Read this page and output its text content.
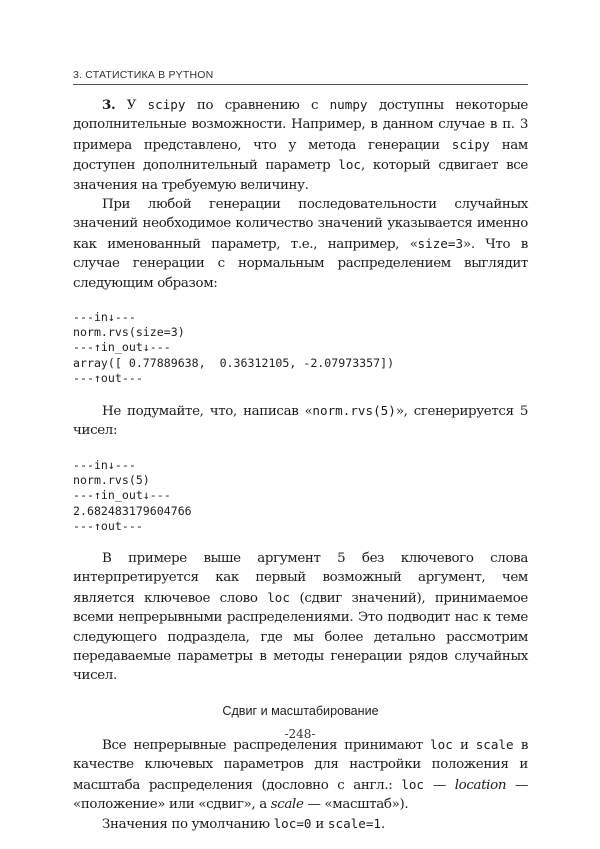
3. СТАТИСТИКА В PYTHON

3. У scipy по сравнению с numpy доступны некоторые дополнительные возможности. Например, в данном случае в п. 3 примера представлено, что у метода генерации scipy нам доступен дополнительный параметр loc, который сдвигает все значения на требуемую величину.

При любой генерации последовательности случайных значений необходимое количество значений указывается именно как именованный параметр, т.е., например, «size=3». Что в случае генерации с нормальным распределением выглядит следующим образом:

---in↓---
norm.rvs(size=3)
---↑in_out↓---
array([ 0.77889638,  0.36312105, -2.07973357])
---↑out---

Не подумайте, что, написав «norm.rvs(5)», сгенерируется 5 чисел:

---in↓---
norm.rvs(5)
---↑in_out↓---
2.682483179604766
---↑out---

В примере выше аргумент 5 без ключевого слова интерпретируется как первый возможный аргумент, чем является ключевое слово loc (сдвиг значений), принимаемое всеми непрерывными распределениями. Это подводит нас к теме следующего подраздела, где мы более детально рассмотрим передаваемые параметры в методы генерации рядов случайных чисел.

Сдвиг и масштабирование

Все непрерывные распределения принимают loc и scale в качестве ключевых параметров для настройки положения и масштаба распределения (дословно с англ.: loc — location — «положение» или «сдвиг», а scale — «масштаб»).

Значения по умолчанию loc=0 и scale=1.

-248-
